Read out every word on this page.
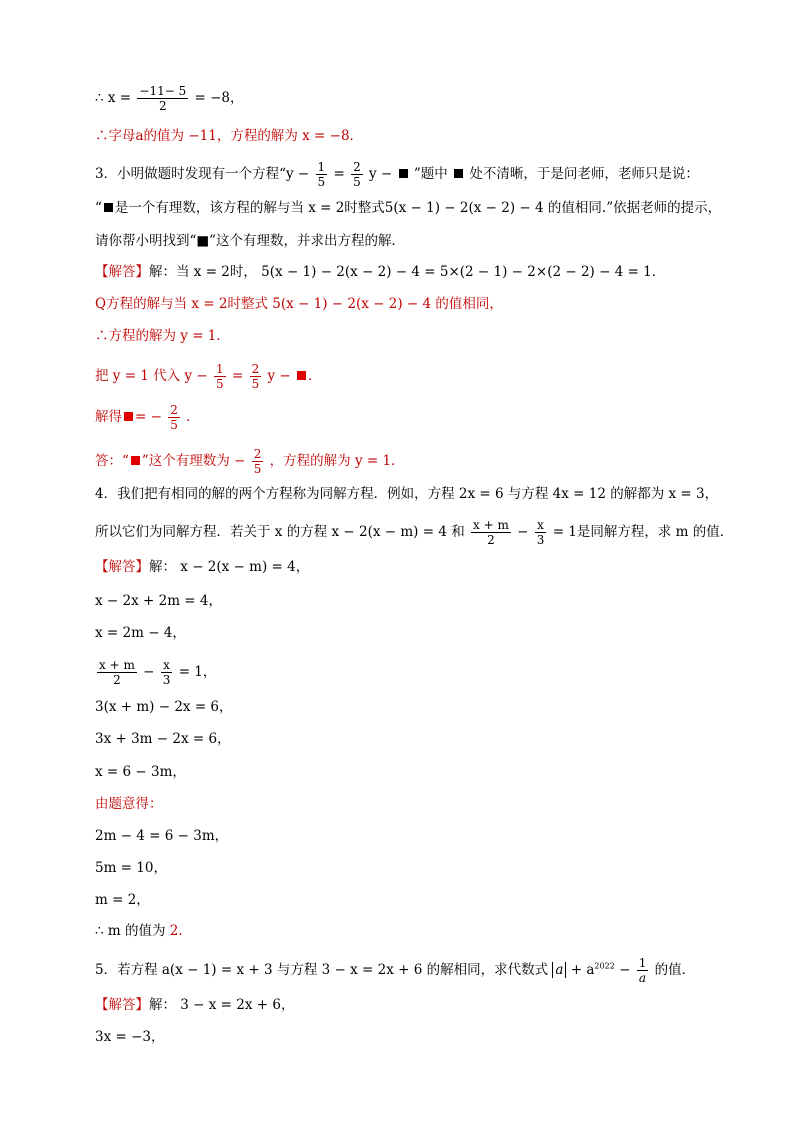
∴ $x = \frac{-11- 5}{2} = -8$，
∴字母a的值为 −11，方程的解为 x = −8．
3．小明做题时发现有一个方程“$y - \frac{1}{5} = \frac{2}{5}$ y − ”题中 处不清晰，于是问老师，老师只是说：
“ 是一个有理数，该方程的解与当 x = 2时整式5(x − 1) − 2(x − 2) − 4 的值相同.”依据老师的提示，
请你帮小明找到“■”这个有理数，并求出方程的解．
【解答】解：当 x = 2时， 5(x − 1) − 2(x − 2) − 4 = 5×(2 − 1) − 2×(2 − 2) − 4 = 1．
Q方程的解与当 x = 2时整式 5(x − 1) − 2(x − 2) − 4 的值相同，
∴方程的解为 y = 1．
把 y = 1 代入 $y - \frac{1}{5} = \frac{2}{5}$ y − ．
解得 = − $\frac{2}{5}$ ．
答：“ ”这个有理数为 − $\frac{2}{5}$ ，方程的解为 y = 1．
4．我们把有相同的解的两个方程称为同解方程．例如，方程 2x = 6 与方程 4x = 12 的解都为 x = 3，
所以它们为同解方程．若关于 x 的方程 x − 2(x − m) = 4 和 $\frac{x + m}{2} - \frac{x}{3} = 1$是同解方程，求 m 的值．
【解答】解： x − 2(x − m) = 4，
x − 2x + 2m = 4，
x = 2m − 4，
$\frac{x + m}{2} - \frac{x}{3} = 1$，
3(x + m) − 2x = 6，
3x + 3m − 2x = 6，
x = 6 − 3m，
由题意得：
2m − 4 = 6 − 3m，
5m = 10，
m = 2，
∴ m 的值为 2．
5．若方程 a(x − 1) = x + 3 与方程 3 − x = 2x + 6 的解相同，求代数式 $a + a^{2022} - \frac{1}{a}$ 的值．
【解答】解： 3 − x = 2x + 6，
3x = −3，
